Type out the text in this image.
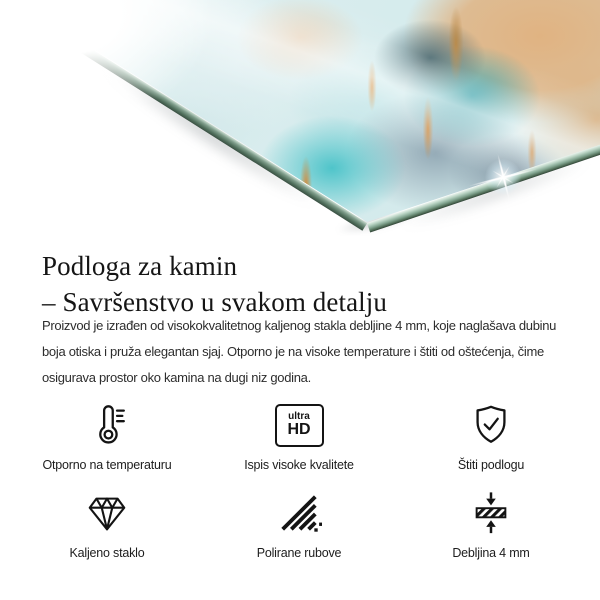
Podloga za kamin
– Savršenstvo u svakom detalju
Proizvod je izrađen od visokokvalitetnog kaljenog stakla debljine 4 mm, koje naglašava dubinu
boja otiska i pruža elegantan sjaj. Otporno je na visoke temperature i štiti od oštećenja, čime
osigurava prostor oko kamina na dugi niz godina.
Otporno na temperaturu
ultra
HD
Ispis visoke kvalitete	Štiti podlogu
Kaljeno staklo	Polirane rubove	Debljina 4 mm
